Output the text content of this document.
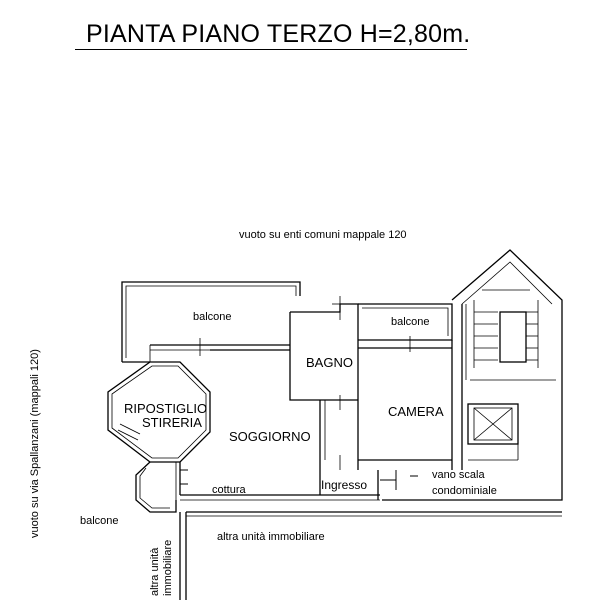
PIANTA PIANO TERZO H=2,80m.
vuoto su enti comuni mappale 120
vuoto su via Spallanzani (mappali 120)
balcone	balcone
balcone
BAGNO
RIPOSTIGLIO
STIRERIA
SOGGIORNO
CAMERA
cottura	Ingresso
vano scala
condominiale
altra unità immobiliare
altra unità immobiliare
